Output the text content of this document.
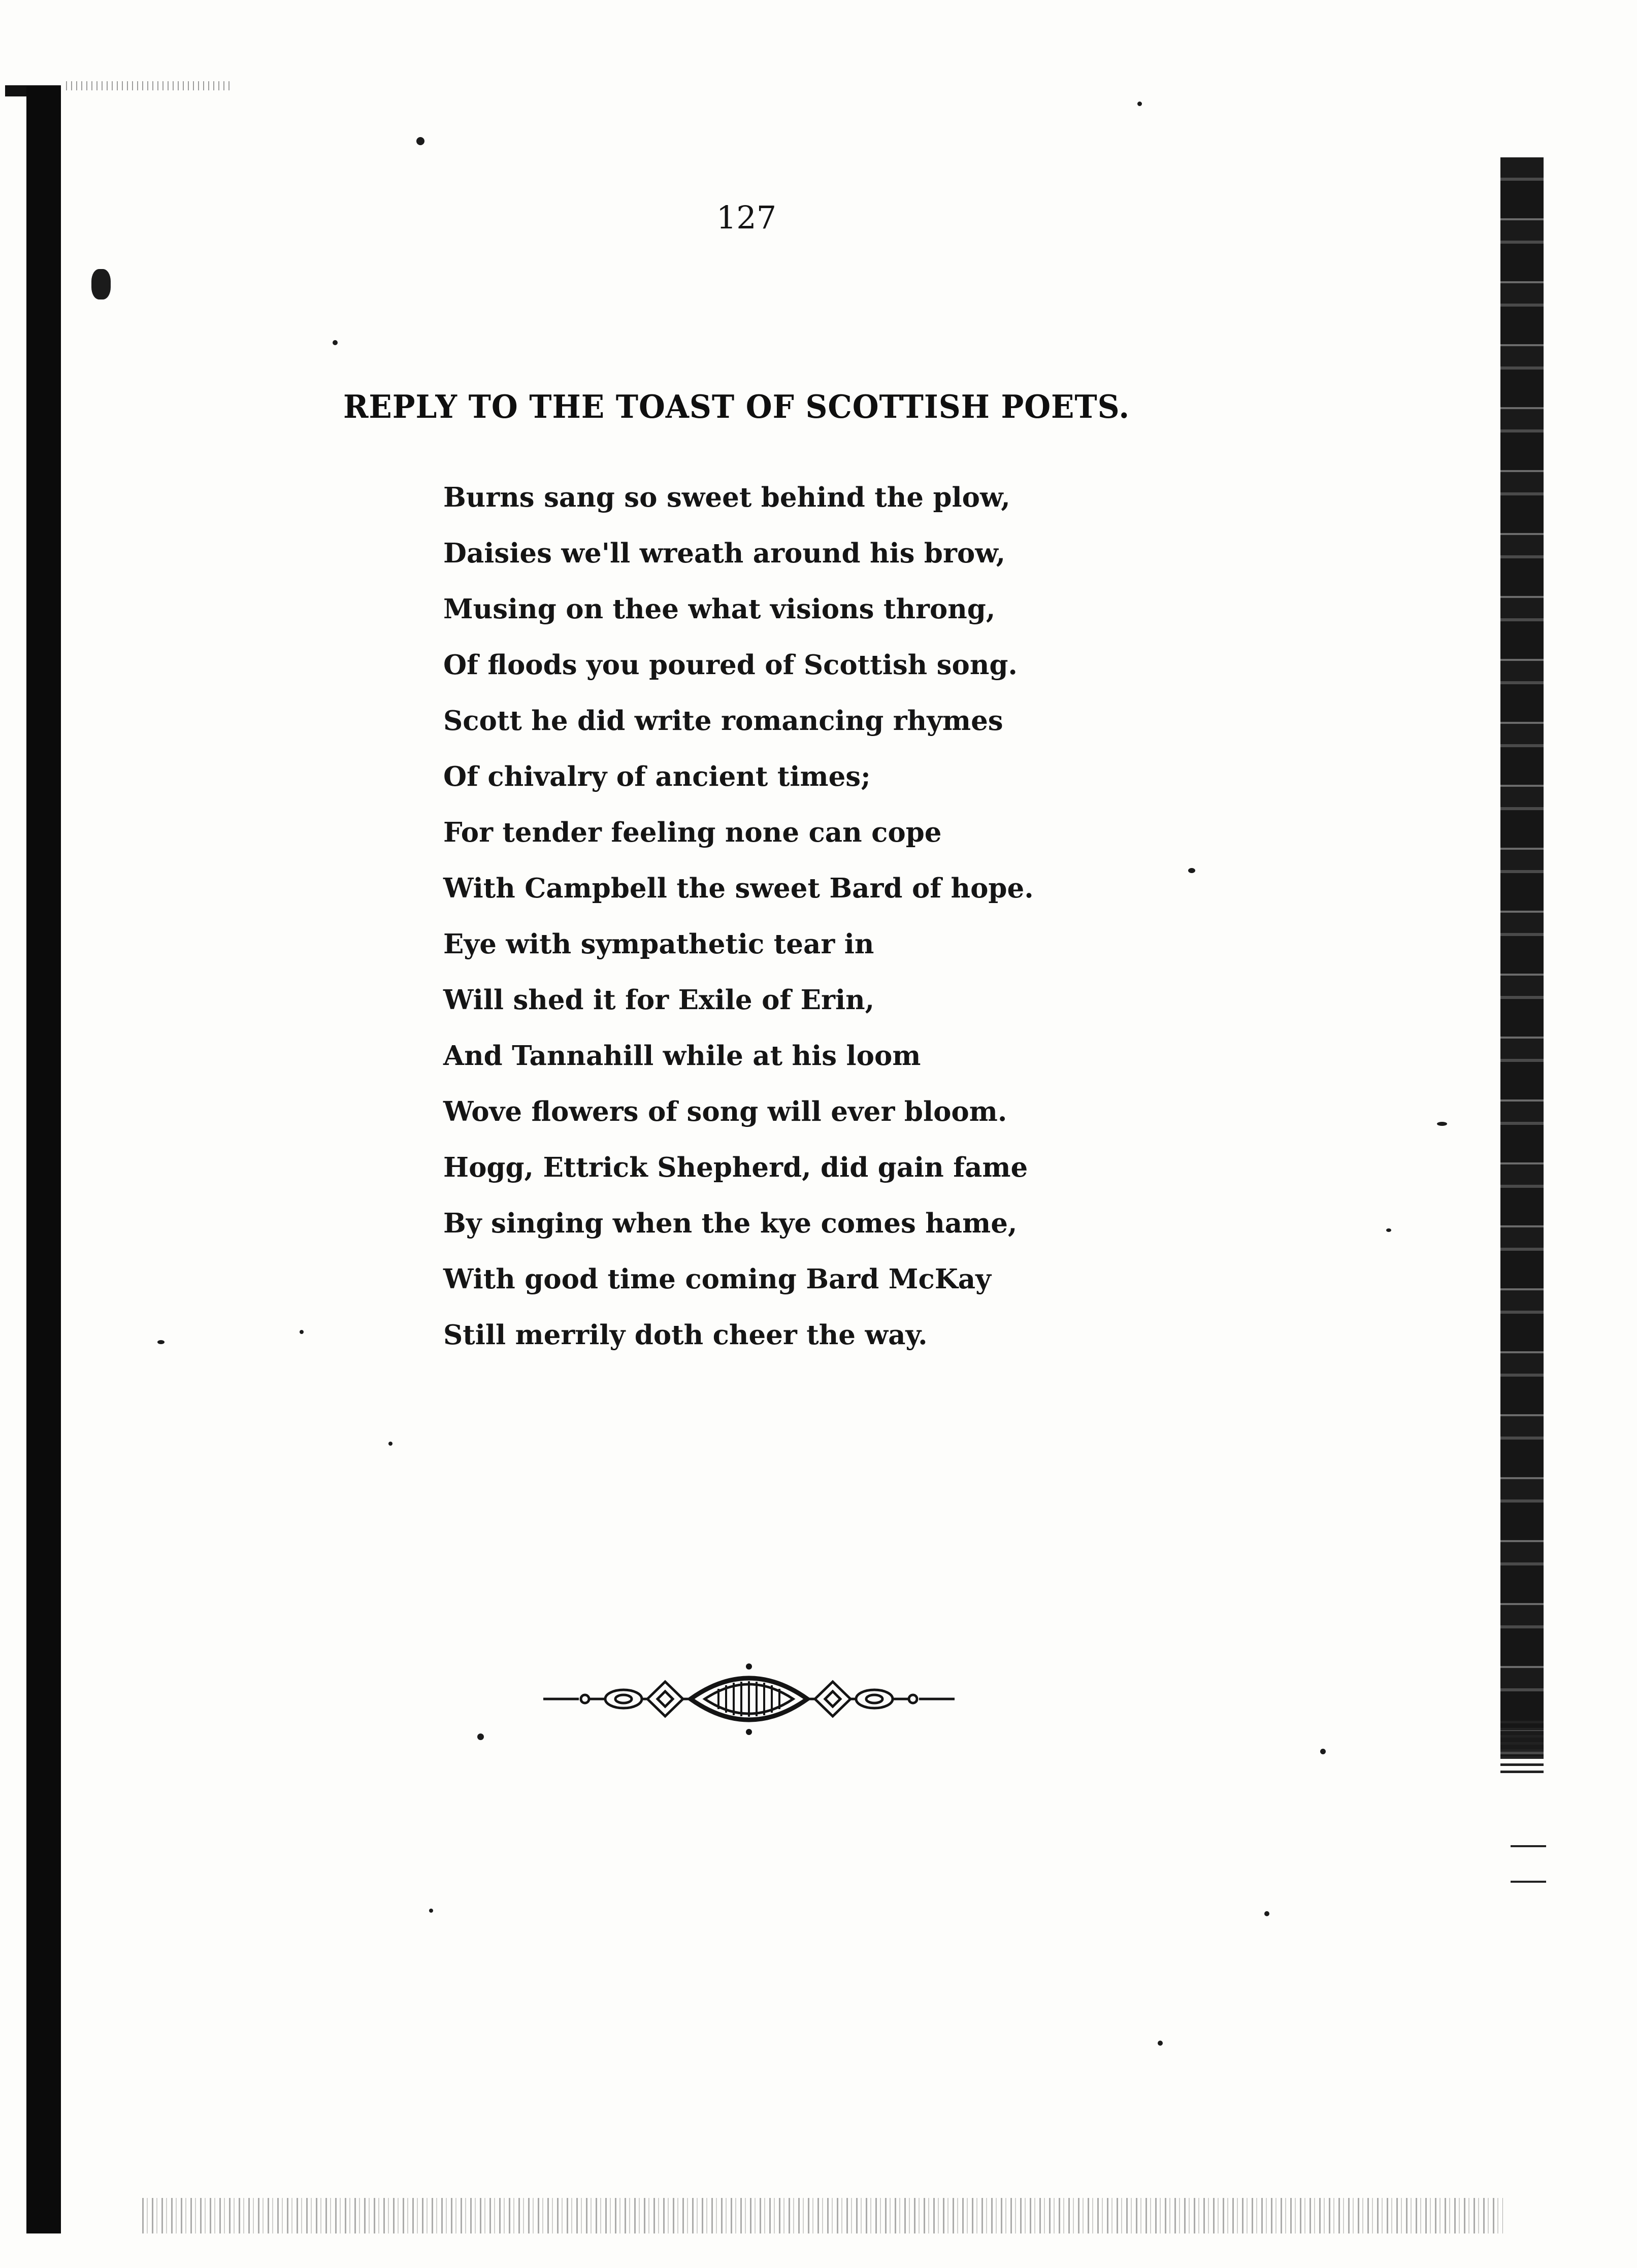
127
REPLY TO THE TOAST OF SCOTTISH POETS.
Burns sang so sweet behind the plow,
Daisies we'll wreath around his brow,
Musing on thee what visions throng,
Of floods you poured of Scottish song.
Scott he did write romancing rhymes
Of chivalry of ancient times;
For tender feeling none can cope
With Campbell the sweet Bard of hope.
Eye with sympathetic tear in
Will shed it for Exile of Erin,
And Tannahill while at his loom
Wove flowers of song will ever bloom.
Hogg, Ettrick Shepherd, did gain fame
By singing when the kye comes hame,
With good time coming Bard McKay
Still merrily doth cheer the way.
